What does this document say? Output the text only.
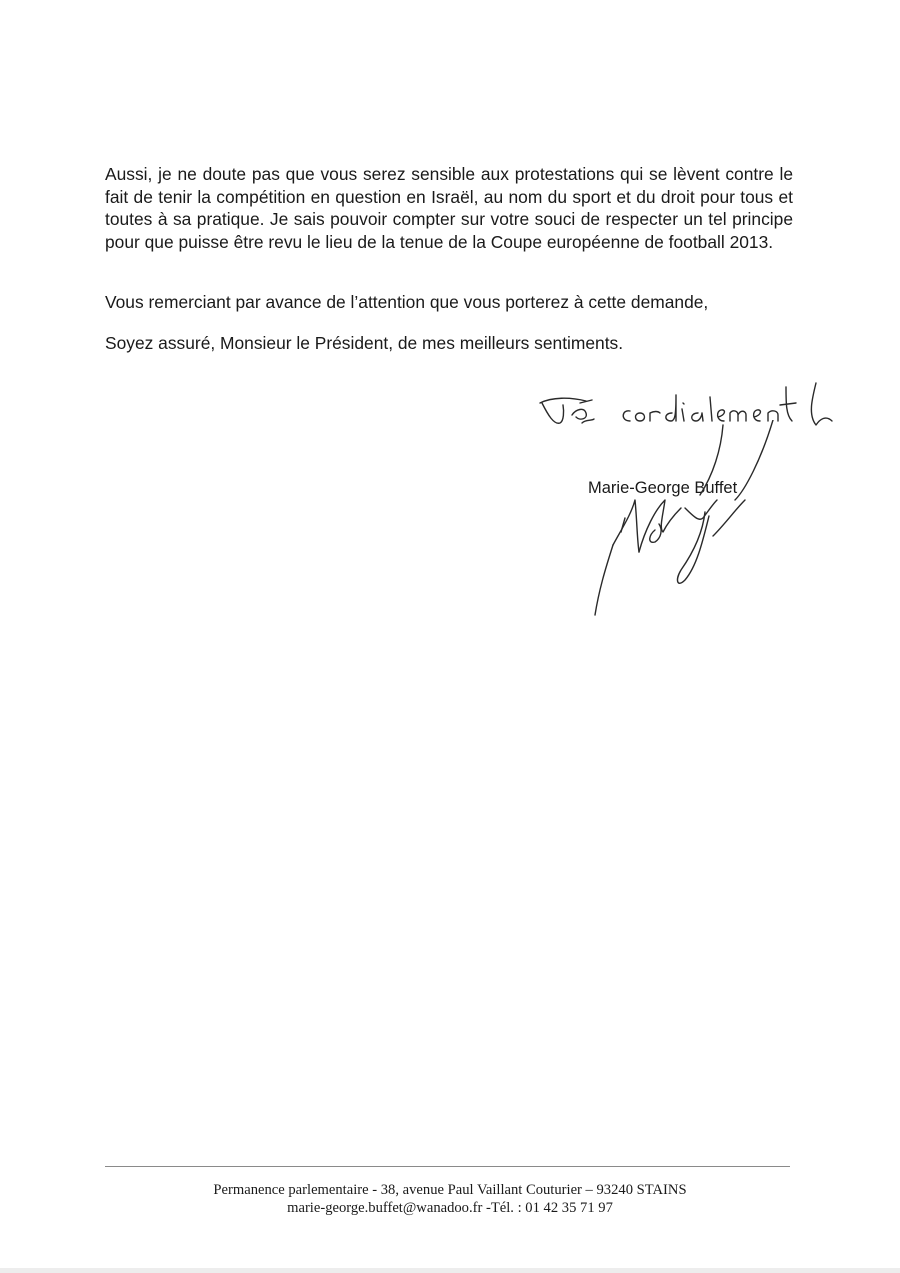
Aussi, je ne doute pas que vous serez sensible aux protestations qui se lèvent contre le fait de tenir la compétition en question en Israël, au nom du sport et du droit pour tous et toutes à sa pratique. Je sais pouvoir compter sur votre souci de respecter un tel principe pour que puisse être revu le lieu de la tenue de la Coupe européenne de football 2013.

Vous remerciant par avance de l’attention que vous porterez à cette demande,

Soyez assuré, Monsieur le Président, de mes meilleurs sentiments.

Marie-George Buffet
Permanence parlementaire - 38, avenue Paul Vaillant Couturier – 93240 STAINS
marie-george.buffet@wanadoo.fr -Tél. : 01 42 35 71 97
